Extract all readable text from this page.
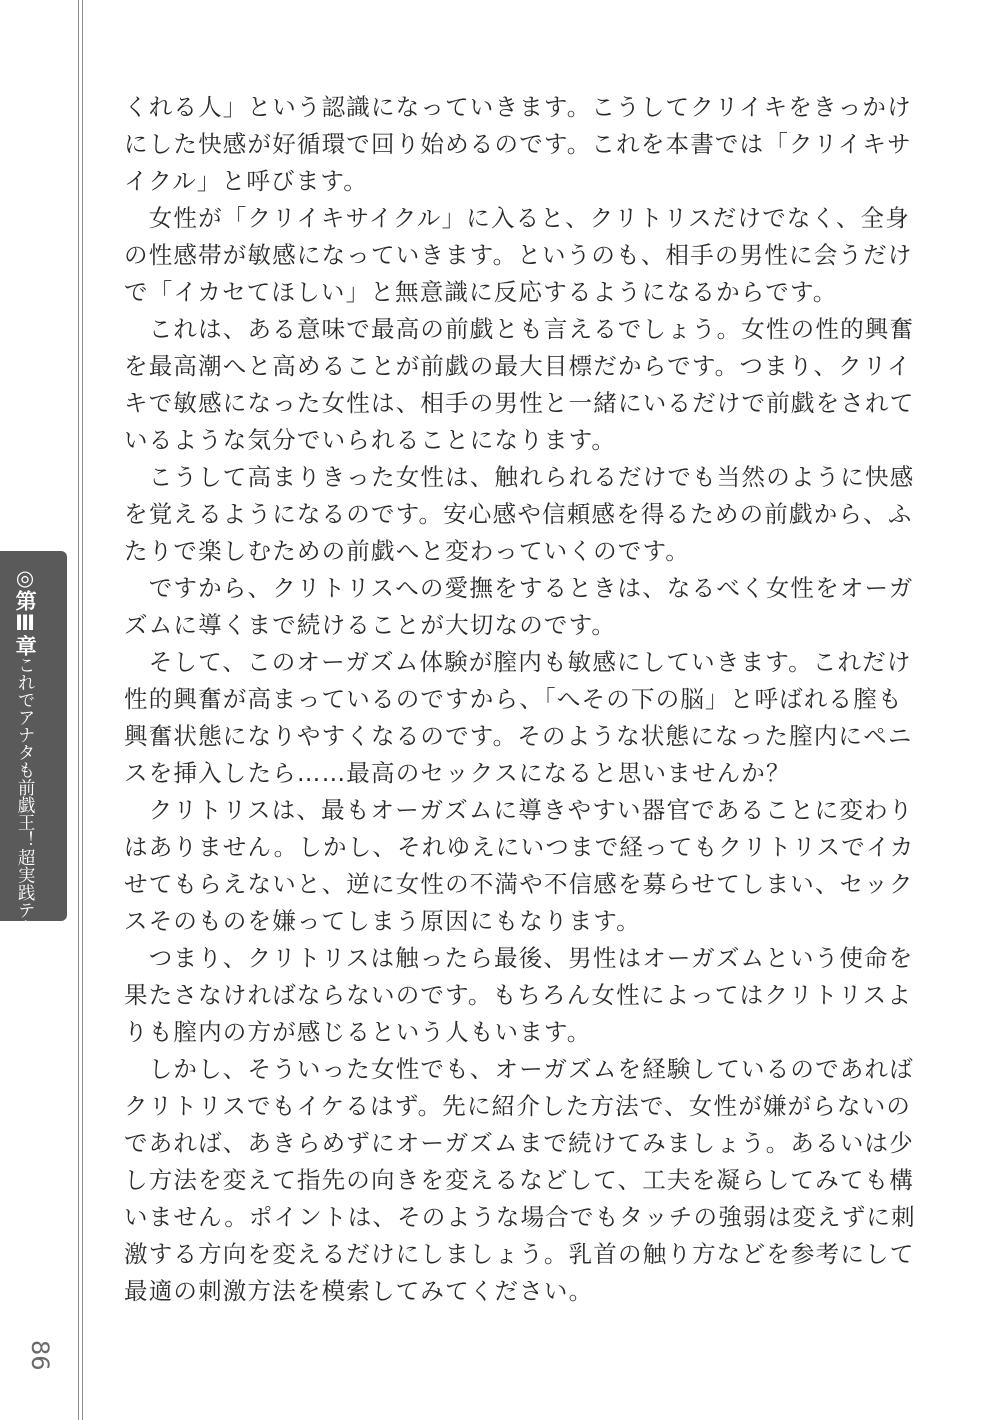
◎第Ⅲ章これでアナタも前戯王！超実践テクニック
86
くれる人」という認識になっていきます。こうしてクリイキをきっかけ
にした快感が好循環で回り始めるのです。これを本書では「クリイキサ
イクル」と呼びます。
　女性が「クリイキサイクル」に入ると、クリトリスだけでなく、全身
の性感帯が敏感になっていきます。というのも、相手の男性に会うだけ
で「イカセてほしい」と無意識に反応するようになるからです。
　これは、ある意味で最高の前戯とも言えるでしょう。女性の性的興奮
を最高潮へと高めることが前戯の最大目標だからです。つまり、クリイ
キで敏感になった女性は、相手の男性と一緒にいるだけで前戯をされて
いるような気分でいられることになります。
　こうして高まりきった女性は、触れられるだけでも当然のように快感
を覚えるようになるのです。安心感や信頼感を得るための前戯から、ふ
たりで楽しむための前戯へと変わっていくのです。
　ですから、クリトリスへの愛撫をするときは、なるべく女性をオーガ
ズムに導くまで続けることが大切なのです。
　そして、このオーガズム体験が膣内も敏感にしていきます。これだけ
性的興奮が高まっているのですから、「へその下の脳」と呼ばれる膣も
興奮状態になりやすくなるのです。そのような状態になった膣内にペニ
スを挿入したら……最高のセックスになると思いませんか？
　クリトリスは、最もオーガズムに導きやすい器官であることに変わり
はありません。しかし、それゆえにいつまで経ってもクリトリスでイカ
せてもらえないと、逆に女性の不満や不信感を募らせてしまい、セック
スそのものを嫌ってしまう原因にもなります。
　つまり、クリトリスは触ったら最後、男性はオーガズムという使命を
果たさなければならないのです。もちろん女性によってはクリトリスよ
りも膣内の方が感じるという人もいます。
　しかし、そういった女性でも、オーガズムを経験しているのであれば
クリトリスでもイケるはず。先に紹介した方法で、女性が嫌がらないの
であれば、あきらめずにオーガズムまで続けてみましょう。あるいは少
し方法を変えて指先の向きを変えるなどして、工夫を凝らしてみても構
いません。ポイントは、そのような場合でもタッチの強弱は変えずに刺
激する方向を変えるだけにしましょう。乳首の触り方などを参考にして
最適の刺激方法を模索してみてください。
